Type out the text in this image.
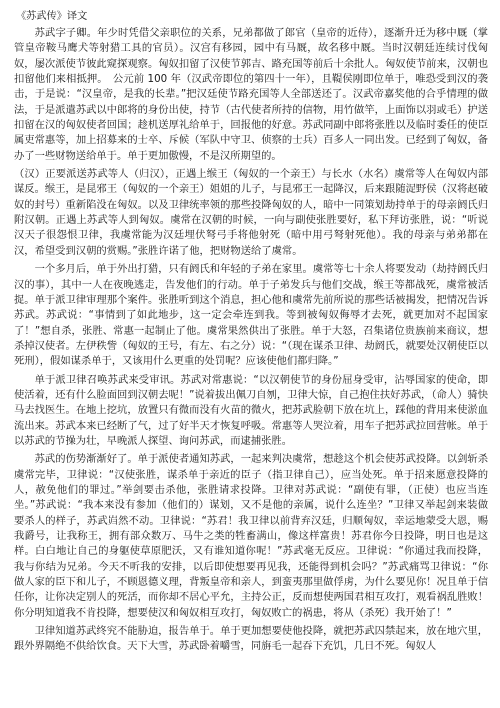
《苏武传》译文

苏武字子卿。年少时凭借父亲职位的关系，兄弟都做了郎官（皇帝的近侍），逐渐升迁为移中厩（掌管皇帝鞍马鹰犬等射猎工具的官员）。汉宫有移园，园中有马厩，故名移中厩。当时汉朝廷连续讨伐匈奴，屡次派使节彼此窥探观察。匈奴扣留了汉使节郭吉、路充国等前后十余批人。匈奴使节前来，汉朝也扣留他们来相抵押。　公元前 100 年（汉武帝即位的第四十一年），且鞮侯刚即位单于，唯恐受到汉的袭击，于是说：“汉皇帝，是我的长辈。”把汉廷使节路充国等人全部送还了。汉武帝嘉奖他的合乎情理的做法，于是派遣苏武以中郎将的身份出使，持节（古代使者所持的信物，用竹做竿，上面饰以羽或毛）护送扣留在汉的匈奴使者回国；趁机送厚礼给单于，回报他的好意。苏武同副中郎将张胜以及临时委任的使臣属吏常惠等，加上招募来的士卒、斥候（军队中守卫、侦察的士兵）百多人一同出发。已经到了匈奴，备办了一些财物送给单于。单于更加傲慢，不是汉所期望的。

（汉）正要派送苏武等人（归汉），正遇上缑王（匈奴的一个亲王）与长水（水名）虞常等人在匈奴内部谋反。缑王，是昆邪王（匈奴的一个亲王）姐姐的儿子，与昆邪王一起降汉，后来跟随浞野侯（汉将赵破奴的封号）重新陷没在匈奴。以及卫律统率领的那些投降匈奴的人，暗中一同策划劫持单于的母亲阏氏归附汉朝。正遇上苏武等人到匈奴。虞常在汉朝的时候，一向与副使张胜要好，私下拜访张胜，说：“听说汉天子很怨恨卫律，我虞常能为汉廷埋伏弩弓手将他射死（暗中用弓弩射死他）。我的母亲与弟弟都在汉，希望受到汉朝的赏赐。”张胜许诺了他，把财物送给了虞常。

一个多月后，单于外出打猎，只有阏氏和年轻的子弟在家里。虞常等七十余人将要发动（劫持阏氏归汉的事），其中一人在夜晚逃走，告发他们的行动。单于子弟发兵与他们交战，缑王等都战死，虞常被活捉。单于派卫律审理那个案件。张胜听到这个消息，担心他和虞常先前所说的那些话被揭发，把情况告诉苏武。苏武说：“事情到了如此地步，这一定会牵连到我。等到被匈奴侮辱才去死，就更加对不起国家了！”想自杀，张胜、常惠一起制止了他。虞常果然供出了张胜。单于大怒，召集诸位贵族前来商议，想杀掉汉使者。左伊秩訾（匈奴的王号，有左、右之分）说：“（现在谋杀卫律、劫阏氏，就要处汉朝使臣以死刑），假如谋杀单于，又该用什么更重的处罚呢？应该使他们都归降。”

单于派卫律召唤苏武来受审讯。苏武对常惠说：“以汉朝使节的身份屈身受审，沾辱国家的使命，即使活着，还有什么脸面回到汉朝去呢！”说着拔出佩刀自刎，卫律大惊，自己抱住扶好苏武，（命人）骑快马去找医生。在地上挖坑，放置只有微而没有火苗的微火，把苏武脸朝下放在坑上，踩他的背用来使淤血流出来。苏武本来已经断了气，过了好半天才恢复呼吸。常惠等人哭泣着，用车子把苏武拉回营帐。单于以苏武的节操为壮，早晚派人探望、询问苏武，而逮捕张胜。

苏武的伤势渐渐好了。单于派使者通知苏武，一起来判决虞常，想趁这个机会使苏武投降。以剑斩杀虞常完毕，卫律说：“汉使张胜，谋杀单于亲近的臣子（指卫律自己），应当处死。单于招来愿意投降的人，赦免他们的罪过。”举剑要击杀他，张胜请求投降。卫律对苏武说：“副使有罪，（正使）也应当连坐。”苏武说：“我本来没有参加（他们的）谋划，又不是他的亲属，说什么连坐？”卫律又举起剑来装做要杀人的样子，苏武岿然不动。卫律说：“苏君！我卫律以前背弃汉廷，归顺匈奴，幸运地蒙受大恩，赐我爵号，让我称王，拥有部众数万、马牛之类的牲畜满山，像这样富贵！苏君你今日投降，明日也是这样。白白地让自己的身躯使草原肥沃，又有谁知道你呢！”苏武毫无反应。卫律说：“你通过我而投降，我与你结为兄弟。今天不听我的安排，以后即使想要再见我，还能得到机会吗？”苏武痛骂卫律说：“你做人家的臣下和儿子，不顾恩德义理，背叛皇帝和亲人，到蛮夷那里做俘虏，为什么要见你！况且单于信任你，让你决定别人的死活，而你却不居心平允，主持公正，反而想使两国君相互攻打，观看祸乱胜败！你分明知道我不肯投降，想要使汉和匈奴相互攻打，匈奴败亡的祸患，将从（杀死）我开始了！”

卫律知道苏武终究不能胁迫，报告单于。单于更加想要使他投降，就把苏武囚禁起来，放在地穴里，跟外界隔绝不供给饮食。天下大雪，苏武卧着嚼雪，同旃毛一起吞下充饥，几日不死。匈奴人
